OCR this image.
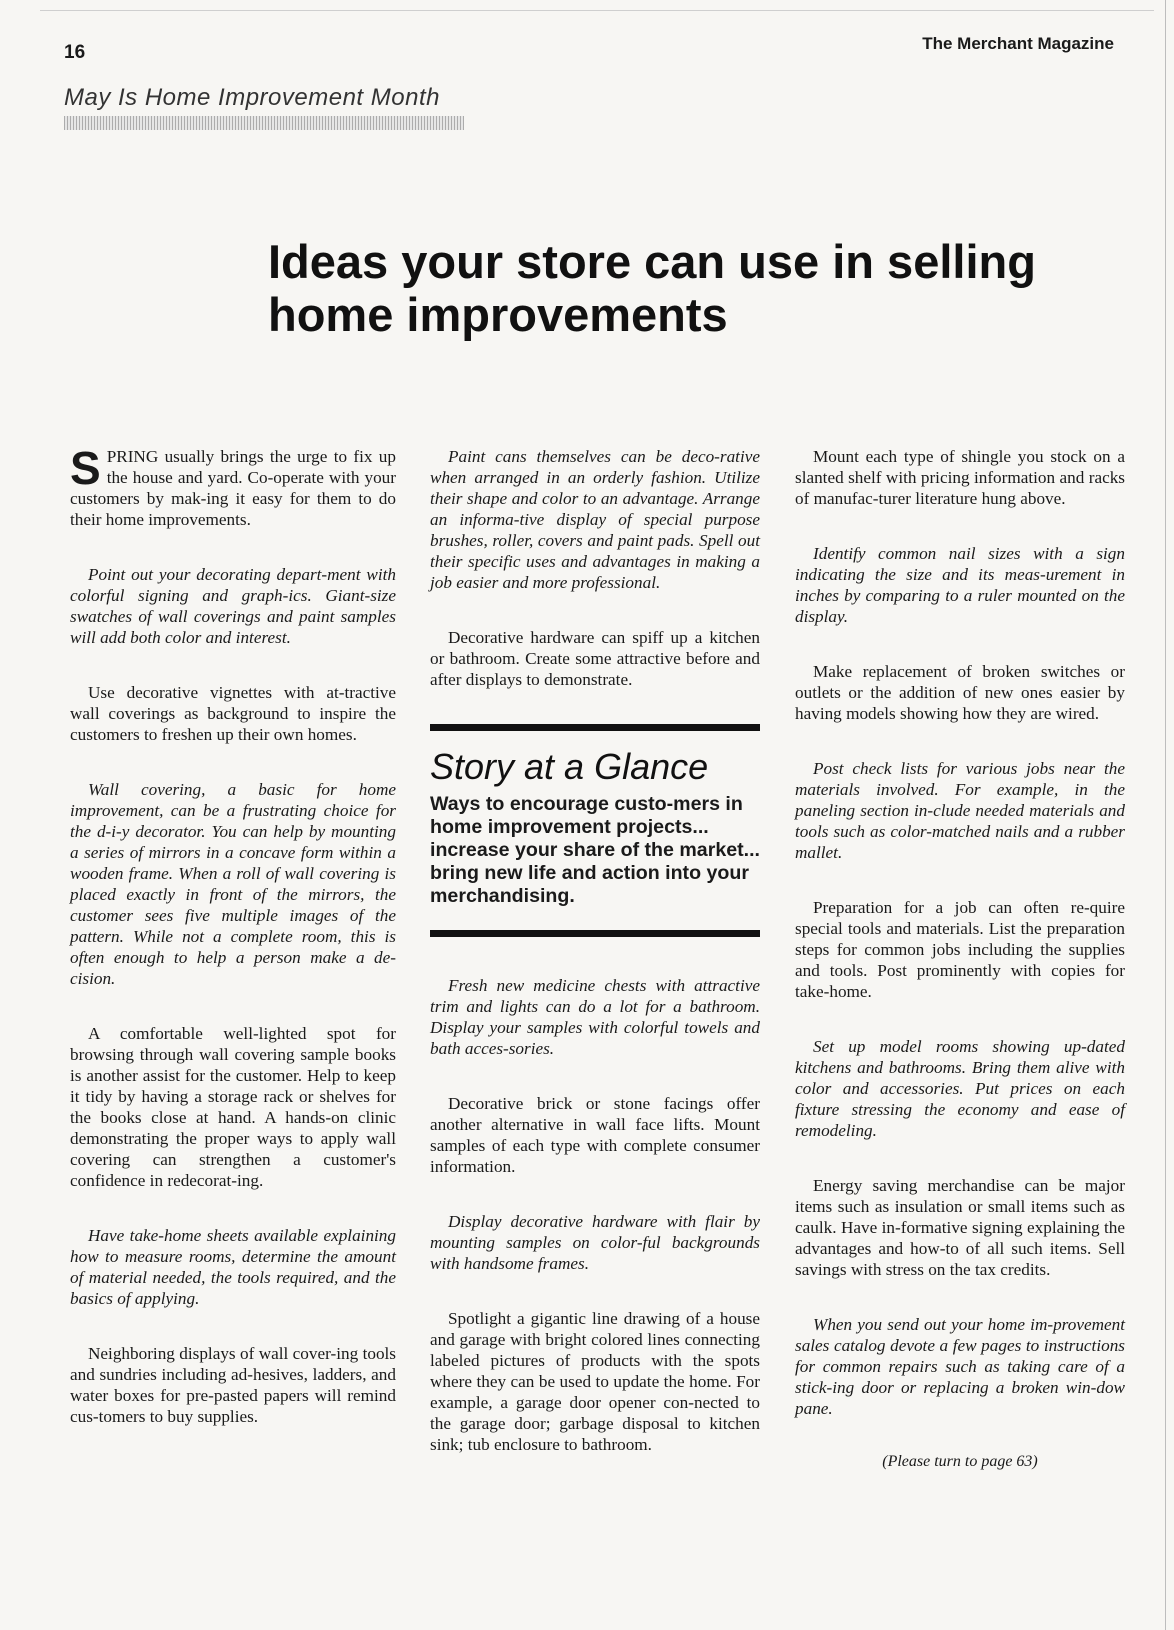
16	The Merchant Magazine
May Is Home Improvement Month
Ideas your store can use in selling home improvements

SPRING usually brings the urge to fix up the house and yard. Co-operate with your customers by mak-ing it easy for them to do their home improvements.

Point out your decorating depart-ment with colorful signing and graph-ics. Giant-size swatches of wall coverings and paint samples will add both color and interest.

Use decorative vignettes with at-tractive wall coverings as background to inspire the customers to freshen up their own homes.

Wall covering, a basic for home improvement, can be a frustrating choice for the d-i-y decorator. You can help by mounting a series of mirrors in a concave form within a wooden frame. When a roll of wall covering is placed exactly in front of the mirrors, the customer sees five multiple images of the pattern. While not a complete room, this is often enough to help a person make a de-cision.

A comfortable well-lighted spot for browsing through wall covering sample books is another assist for the customer. Help to keep it tidy by having a storage rack or shelves for the books close at hand. A hands-on clinic demonstrating the proper ways to apply wall covering can strengthen a customer's confidence in redecorat-ing.

Have take-home sheets available explaining how to measure rooms, determine the amount of material needed, the tools required, and the basics of applying.

Neighboring displays of wall cover-ing tools and sundries including ad-hesives, ladders, and water boxes for pre-pasted papers will remind cus-tomers to buy supplies.

Paint cans themselves can be deco-rative when arranged in an orderly fashion. Utilize their shape and color to an advantage. Arrange an informa-tive display of special purpose brushes, roller, covers and paint pads. Spell out their specific uses and advantages in making a job easier and more professional.

Decorative hardware can spiff up a kitchen or bathroom. Create some attractive before and after displays to demonstrate.

Story at a Glance

Ways to encourage custo-mers in home improvement projects... increase your share of the market... bring new life and action into your merchandising.

Fresh new medicine chests with attractive trim and lights can do a lot for a bathroom. Display your samples with colorful towels and bath acces-sories.

Decorative brick or stone facings offer another alternative in wall face lifts. Mount samples of each type with complete consumer information.

Display decorative hardware with flair by mounting samples on color-ful backgrounds with handsome frames.

Spotlight a gigantic line drawing of a house and garage with bright colored lines connecting labeled pictures of products with the spots where they can be used to update the home. For example, a garage door opener con-nected to the garage door; garbage disposal to kitchen sink; tub enclosure to bathroom.

Mount each type of shingle you stock on a slanted shelf with pricing information and racks of manufac-turer literature hung above.

Identify common nail sizes with a sign indicating the size and its meas-urement in inches by comparing to a ruler mounted on the display.

Make replacement of broken switches or outlets or the addition of new ones easier by having models showing how they are wired.

Post check lists for various jobs near the materials involved. For example, in the paneling section in-clude needed materials and tools such as color-matched nails and a rubber mallet.

Preparation for a job can often re-quire special tools and materials. List the preparation steps for common jobs including the supplies and tools. Post prominently with copies for take-home.

Set up model rooms showing up-dated kitchens and bathrooms. Bring them alive with color and accessories. Put prices on each fixture stressing the economy and ease of remodeling.

Energy saving merchandise can be major items such as insulation or small items such as caulk. Have in-formative signing explaining the advantages and how-to of all such items. Sell savings with stress on the tax credits.

When you send out your home im-provement sales catalog devote a few pages to instructions for common repairs such as taking care of a stick-ing door or replacing a broken win-dow pane.

(Please turn to page 63)
